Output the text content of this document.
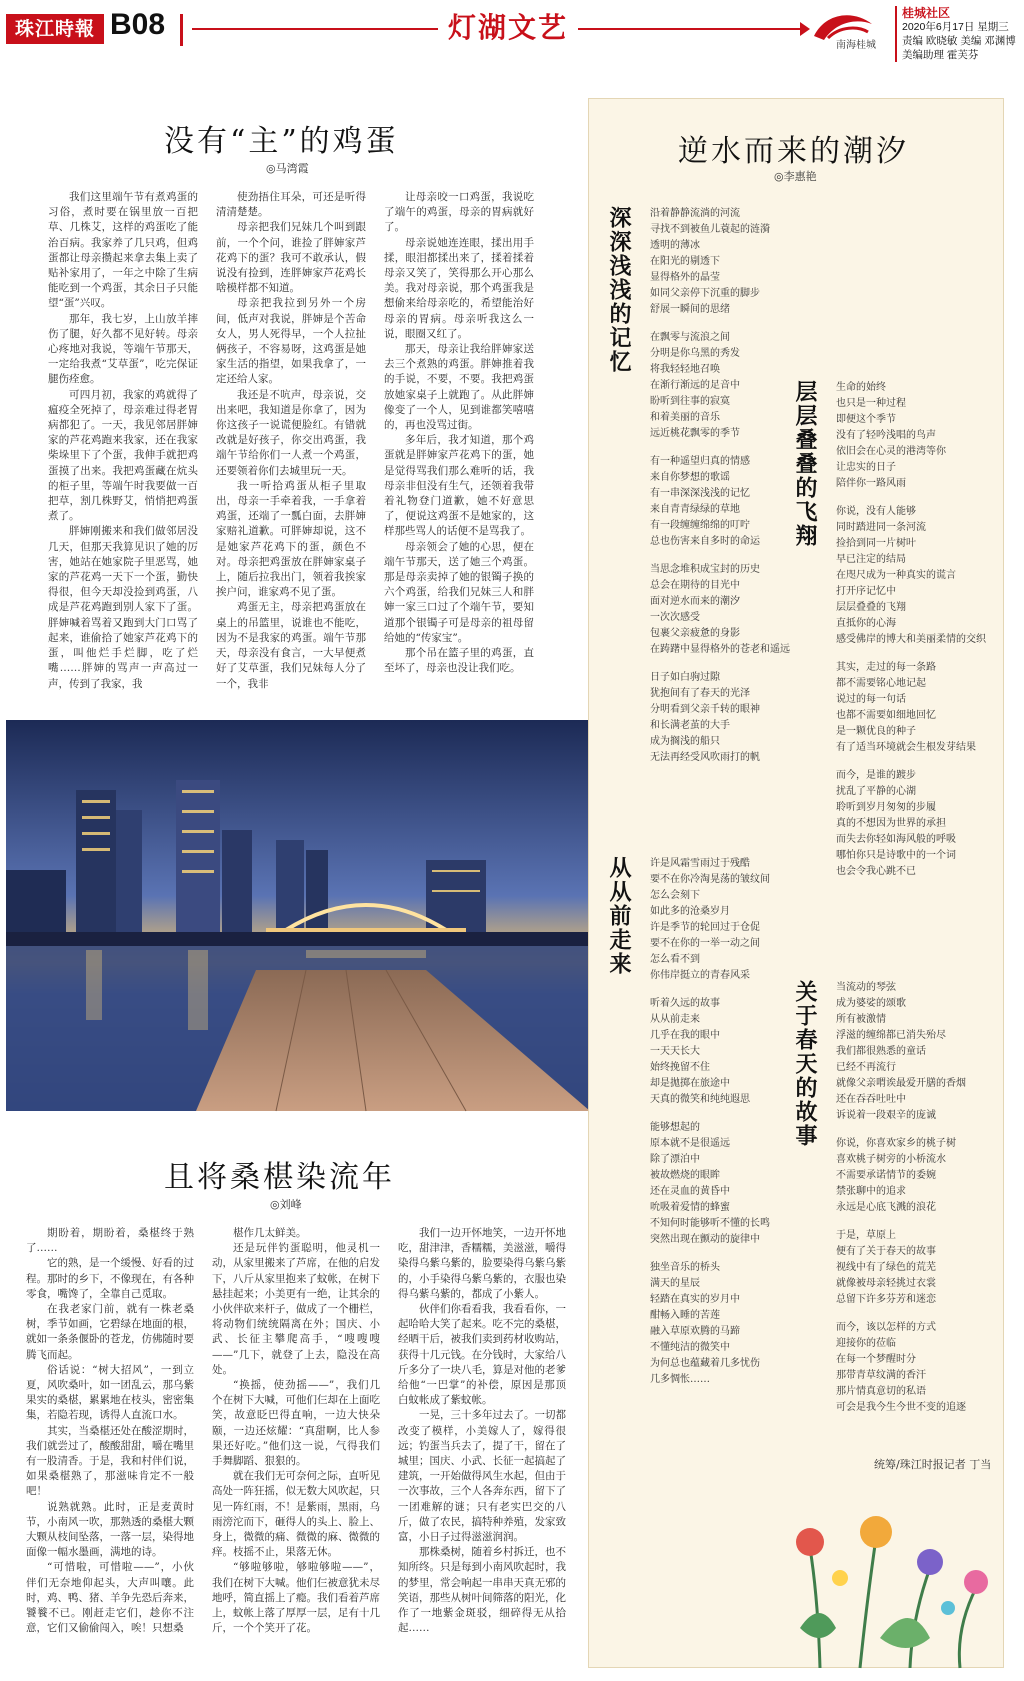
珠江時報 B08	灯湖文艺
南海桂城
桂城社区
2020年6月17日 星期三
责编 欧晓敏 美编 邓渊博
美编助理 霍芙芬
没有“主”的鸡蛋
◎马湾霞

我们这里端午节有煮鸡蛋的习俗，煮时要在锅里放一百把草、几株艾，这样的鸡蛋吃了能治百病。我家养了几只鸡，但鸡蛋都让母亲攒起来拿去集上卖了贴补家用了，一年之中除了生病能吃到一个鸡蛋，其余日子只能望“蛋”兴叹。

那年，我七岁，上山放羊摔伤了腿，好久都不见好转。母亲心疼地对我说，等端午节那天，一定给我煮“艾草蛋”，吃完保证腿伤痊愈。

可四月初，我家的鸡就得了瘟疫全死掉了，母亲难过得老胃病都犯了。一天，我见邻居胖婶家的芦花鸡跑来我家，还在我家柴垛里下了个蛋，我伸手就把鸡蛋摸了出来。我把鸡蛋藏在炕头的柜子里，等端午时我要做一百把草，割几株野艾，悄悄把鸡蛋煮了。

胖婶刚搬来和我们做邻居没几天，但那天我算见识了她的厉害，她站在她家院子里恶骂，她家的芦花鸡一天下一个蛋，勤快得很，但今天却没捡到鸡蛋，八成是芦花鸡跑到别人家下了蛋。胖婶喊着骂着又跑到大门口骂了起来，谁偷拾了她家芦花鸡下的蛋，叫他烂手烂脚，吃了烂嘴……胖婶的骂声一声高过一声，传到了我家，我

使劲捂住耳朵，可还是听得清清楚楚。

母亲把我们兄妹几个叫到跟前，一个个问，谁捡了胖婶家芦花鸡下的蛋？我可不敢承认，假说没有捡到，连胖婶家芦花鸡长啥模样都不知道。

母亲把我拉到另外一个房间，低声对我说，胖婶是个苦命女人，男人死得早，一个人拉扯俩孩子，不容易呀，这鸡蛋是她家生活的指望，如果我拿了，一定还给人家。

我还是不吭声，母亲说，交出来吧，我知道是你拿了，因为你这孩子一说谎便脸红。有错就改就是好孩子，你交出鸡蛋，我端午节给你们一人煮一个鸡蛋，还要领着你们去城里玩一天。

我一听拾鸡蛋从柜子里取出，母亲一手牵着我，一手拿着鸡蛋，还端了一瓢白面，去胖婶家赔礼道歉。可胖婶却说，这不是她家芦花鸡下的蛋，颜色不对。母亲把鸡蛋放在胖婶家桌子上，随后拉我出门，领着我挨家挨户问，谁家鸡不见了蛋。

鸡蛋无主，母亲把鸡蛋放在桌上的吊篮里，说谁也不能吃，因为不是我家的鸡蛋。端午节那天，母亲没有食言，一大早便煮好了艾草蛋，我们兄妹每人分了一个，我非

让母亲咬一口鸡蛋，我说吃了端午的鸡蛋，母亲的胃病就好了。

母亲说她连连眼，揉出用手揉，眼泪都揉出来了，揉着揉着母亲又笑了，笑得那么开心那么美。我对母亲说，那个鸡蛋我是想偷来给母亲吃的，希望能治好母亲的胃病。母亲听我这么一说，眼圈又红了。

那天，母亲让我给胖婶家送去三个煮熟的鸡蛋。胖婶推着我的手说，不要，不要。我把鸡蛋放她家桌子上就跑了。从此胖婶像变了一个人，见到谁都笑嘻嘻的，再也没骂过街。

多年后，我才知道，那个鸡蛋就是胖婶家芦花鸡下的蛋，她是觉得骂我们那么难听的话，我母亲非但没有生气，还领着我带着礼物登门道歉，她不好意思了，便说这鸡蛋不是她家的，这样那些骂人的话便不是骂我了。

母亲领会了她的心思，便在端午节那天，送了她三个鸡蛋。那是母亲卖掉了她的银镯子换的六个鸡蛋，给我们兄妹三人和胖婶一家三口过了个端午节，要知道那个银镯子可是母亲的祖母留给她的“传家宝”。

那个吊在篮子里的鸡蛋，直至坏了，母亲也没让我们吃。

且将桑椹染流年
◎刘峰

期盼着，期盼着，桑椹终于熟了……

它的熟，是一个缓慢、好看的过程。那时的乡下，不像现在，有各种零食，嘴馋了，全靠自己觅取。

在我老家门前，就有一株老桑树，季节如画，它碧绿在地面的根，就如一条条偃卧的苍龙，仿佛随时要腾飞而起。

俗话说：“树大招风”，一到立夏，风吹桑叶，如一团乱云，那乌紫果实的桑椹，累累地在枝头，密密集集，若隐若现，诱得人直流口水。

其实，当桑椹还处在酸涩期时，我们就尝过了，酸酸甜甜，嚼在嘴里有一股清香。于是，我和村伴们说，如果桑椹熟了，那滋味肯定不一般吧！

说熟就熟。此时，正是麦黄时节，小南风一吹，那熟透的桑椹大颗大颗从枝间坠落，一落一层，染得地面像一幅水墨画，满地的诗。

“可惜啦，可惜啦——”，小伙伴们无奈地仰起头，大声叫嚷。此时，鸡、鸭、猪、羊争先恐后奔来，饕餮不已。刚赶走它们，趁你不注意，它们又偷偷闯入，唉！只想桑

椹作几太鲜美。

还是玩伴钓蛋聪明，他灵机一动，从家里搬来了芦席，在他的启发下，八斤从家里抱来了蚊帐，在树下悬挂起来；小美更有一绝，让其余的小伙伴砍来杆子，做成了一个栅栏，将动物们统统隔离在外；国庆、小武、长征主攀爬高手，“嗖嗖嗖——”几下，就登了上去，隐没在高处。

“换摇，使劲摇——”，我们几个在树下大喊，可他们仨却在上面吃笑，故意眨巴得直响，一边大快朵颐，一边还炫耀：“真甜啊，比人参果还好吃。”他们这一说，气得我们手舞脚蹈、狠狠的。

就在我们无可奈何之际，直听见高处一阵狂摇，似无数大风吹起，只见一阵红雨，不！是紫雨，黑雨，乌雨滂沱而下，砸得人的头上、脸上、身上，微微的痛、微微的麻、微微的痒。枝摇不止，果落无休。

“够啦够啦，够啦够啦——”，我们在树下大喊。他们仨被意犹未尽地呼，简直摇上了瘾。我们看着芦席上，蚊帐上落了厚厚一层，足有十几斤，一个个笑开了花。

我们一边开怀地笑，一边开怀地吃，甜津津，香糯糯，美滋滋，嚼得染得乌紫乌紫的，脸要染得乌紫乌紫的，小手染得乌紫乌紫的，衣服也染得乌紫乌紫的，都成了小紫人。

伙伴们你看看我，我看看你，一起哈哈大笑了起来。吃不完的桑椹，经晒干后，被我们卖到药材收购站，获得十几元钱。在分钱时，大家给八斤多分了一块八毛，算是对他的老爹给他“一巴掌”的补偿，原因是那顶白蚊帐成了紫蚊帐。

一晃，三十多年过去了。一切都改变了模样，小美嫁人了，嫁得很远；钓蛋当兵去了，提了干，留在了城里；国庆、小武、长征一起搞起了建筑，一开始做得风生水起，但由于一次事故，三个人各奔东西，留下了一团难解的谜；只有老实巴交的八斤，做了农民，搞特种养殖，发家致富，小日子过得滋滋润润。

那株桑树，随着乡村拆迁，也不知所终。只是每到小南风吹起时，我的梦里，常会响起一串串天真无邪的笑语，那些从树叶间筛落的阳光，化作了一地紫金斑驳，细碎得无从拾起……

逆水而来的潮汐
◎李惠艳
深深浅浅的记忆	沿着静静流淌的河流
寻找不到被鱼儿蓑起的涟漪
透明的薄冰
在阳光的剔透下
显得格外的晶莹
如同父亲停下沉重的脚步
舒展一瞬间的思绪
在飘零与流浪之间
分明是你乌黑的秀发
将我轻轻地召唤
在渐行渐远的足音中
盼听到往事的寂寞
和着美丽的音乐
远近桃花飘零的季节
有一种遥望归真的情感
来自你梦想的歌谣
有一串深深浅浅的记忆
来自青青绿绿的草地
有一段缠缠绵绵的叮咛
总也伤害来自多时的命运
当思念堆积成宝封的历史
总会在期待的目光中
面对逆水而来的潮汐
一次次感受
包裹父亲疲惫的身影
在踌躇中显得格外的苍老和遥远
日子如白驹过隙
犹抱间有了春天的光泽
分明看到父亲千转的眼神
和长满老茧的大手
成为搁浅的船只
无法再经受风吹雨打的帆
层层叠叠的飞翔	生命的始终
也只是一种过程
即便这个季节
没有了轻吟浅唱的鸟声
依旧会在心灵的港湾等你
让忠实的日子
陪伴你一路风雨
你说，没有人能够
同时踏进同一条河流
捡拾到同一片树叶
早已注定的结局
在咫尺成为一种真实的谎言
打开序记忆中
层层叠叠的飞翔
直抵你的心海
感受佛岸的博大和美丽柔情的交织
其实，走过的每一条路
都不需要铭心地记起
说过的每一句话
也都不需要如细地回忆
是一颗优良的种子
有了适当环境就会生根发芽结果
而今，是谁的踱步
扰乱了平静的心湖
聆听到岁月匆匆的步履
真的不想因为世界的承担
而失去你轻如海风般的呼吸
哪怕你只是诗歌中的一个词
也会令我心跳不已
从从前走来	许是风霜雪雨过于残酷
要不在你冷淘晃荡的皱纹间
怎么会刻下
如此多的沧桑岁月
许是季节的轮回过于仓促
要不在你的一举一动之间
怎么看不到
你伟岸挺立的青春风采
听着久远的故事
从从前走来
几乎在我的眼中
一天天长大
始终挽留不住
却是拋掷在旅途中
天真的微笑和纯纯遐思
能够想起的
原本就不是很遥远
除了漂泊中
被故燃烧的眼眸
还在灵血的黄昏中
吮吸着爱情的蜂蜜
不知何时能够听不懂的长鸣
突然出现在颤动的旋律中
独坐音乐的桥头
满天的星辰
轻踏在真实的岁月中
酣畅入睡的苦莲
融入草原欢腾的马蹄
不懂纯洁的微笑中
为何总也蕴藏着几多忧伤
几多惆怅……
关于春天的故事	当流动的琴弦
成为婆娑的颂歌
所有被激情
浮滋的缠绵都已消失殆尽
我们都很熟悉的童话
已经不再流行
就像父亲喟诶最爱开膳的香烟
还在吞吞吐吐中
诉说着一段艰辛的庞诚
你说，你喜欢家乡的桃子树
喜欢桃子树旁的小桥流水
不需要承诺情节的委婉
禁张聊中的追求
永远是心底飞溅的浪花
于是，草原上
便有了关于春天的故事
视线中有了绿色的荒芜
就像被母亲轻挑过衣裳
总留下许多芬芳和迷恋
而今，该以怎样的方式
迎接你的莅临
在每一个梦醒时分
那带青草纹满的香汗
那片情真意切的私语
可会是我今生今世不变的追逐
统筹/珠江时报记者 丁当
